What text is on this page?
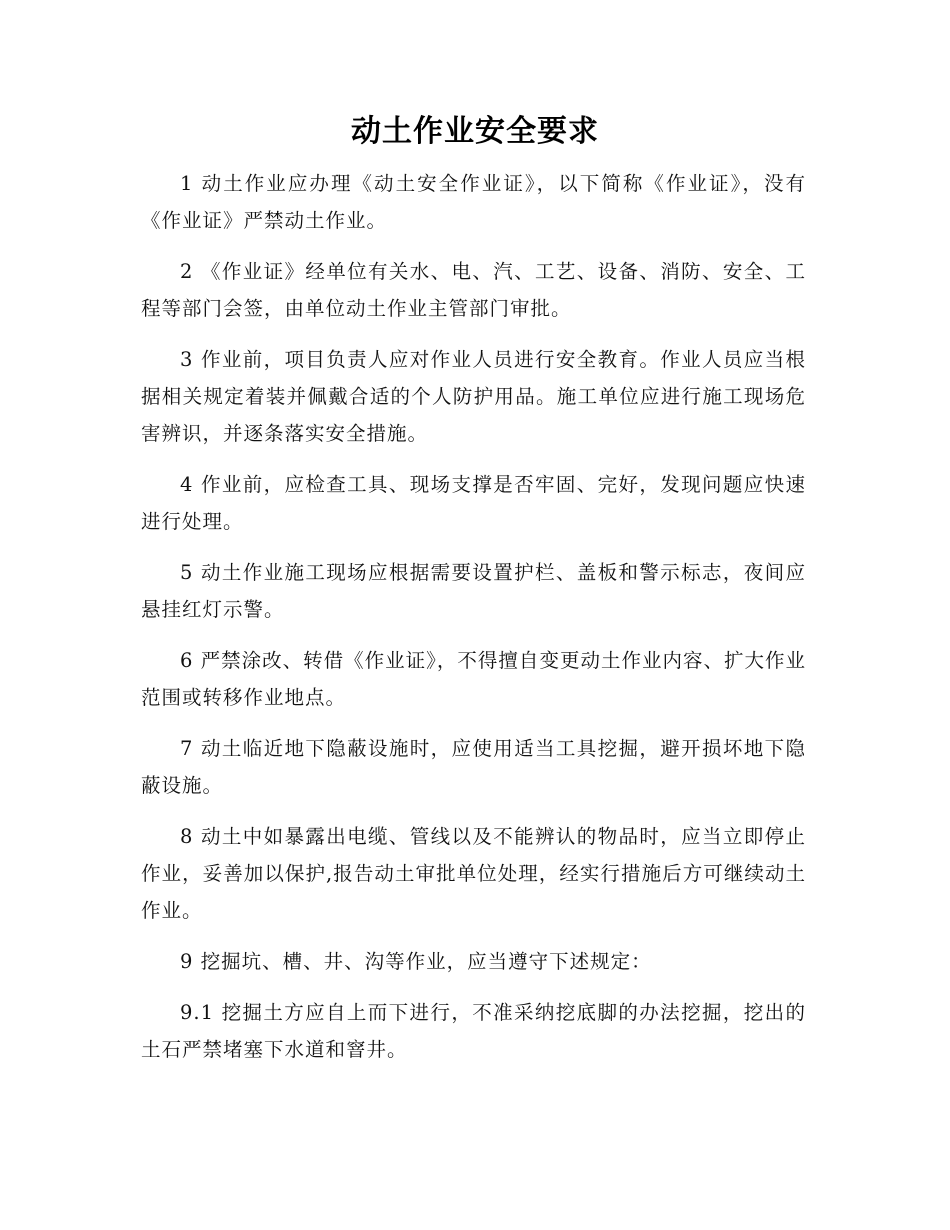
动土作业安全要求

1 动土作业应办理《动土安全作业证》，以下简称《作业证》，没有《作业证》严禁动土作业。

2 《作业证》经单位有关水、电、汽、工艺、设备、消防、安全、工程等部门会签，由单位动土作业主管部门审批。

3 作业前，项目负责人应对作业人员进行安全教育。作业人员应当根据相关规定着装并佩戴合适的个人防护用品。施工单位应进行施工现场危害辨识，并逐条落实安全措施。

4 作业前，应检查工具、现场支撑是否牢固、完好，发现问题应快速进行处理。

5 动土作业施工现场应根据需要设置护栏、盖板和警示标志，夜间应悬挂红灯示警。

6 严禁涂改、转借《作业证》，不得擅自变更动土作业内容、扩大作业范围或转移作业地点。

7 动土临近地下隐蔽设施时，应使用适当工具挖掘，避开损坏地下隐蔽设施。

8 动土中如暴露出电缆、管线以及不能辨认的物品时，应当立即停止作业，妥善加以保护,报告动土审批单位处理，经实行措施后方可继续动土作业。

9 挖掘坑、槽、井、沟等作业，应当遵守下述规定：

9.1 挖掘土方应自上而下进行，不准采纳挖底脚的办法挖掘，挖出的土石严禁堵塞下水道和窨井。
